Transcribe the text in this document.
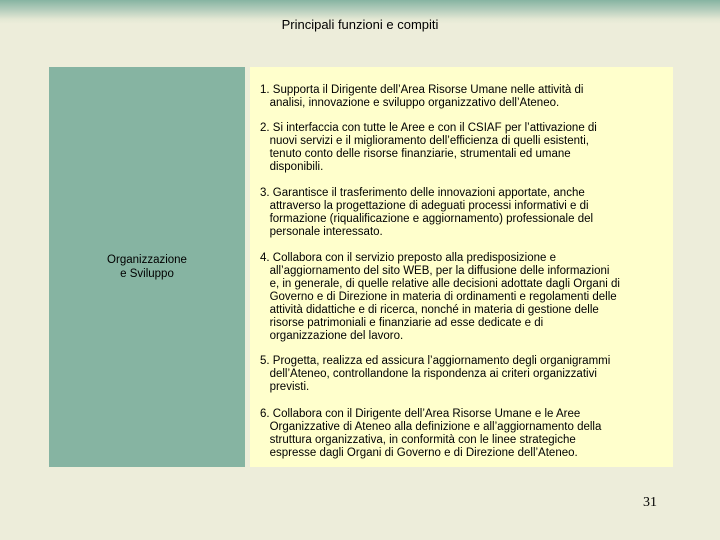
Principali funzioni e compiti
Organizzazione
e Sviluppo
1. Supporta il Dirigente dell’Area Risorse Umane nelle attività di
analisi, innovazione e sviluppo organizzativo dell’Ateneo.
2. Si interfaccia con tutte le Aree e con il CSIAF per l’attivazione di
nuovi servizi e il miglioramento dell’efficienza di quelli esistenti,
tenuto conto delle risorse finanziarie, strumentali ed umane
disponibili.
3. Garantisce il trasferimento delle innovazioni apportate, anche
attraverso la progettazione di adeguati processi informativi e di
formazione (riqualificazione e aggiornamento) professionale del
personale interessato.
4. Collabora con il servizio preposto alla predisposizione e
all’aggiornamento del sito WEB, per la diffusione delle informazioni
e, in generale, di quelle relative alle decisioni adottate dagli Organi di
Governo e di Direzione in materia di ordinamenti e regolamenti delle
attività didattiche e di ricerca, nonché in materia di gestione delle
risorse patrimoniali e finanziarie ad esse dedicate e di
organizzazione del lavoro.
5. Progetta, realizza ed assicura l’aggiornamento degli organigrammi
dell’Ateneo, controllandone la rispondenza ai criteri organizzativi
previsti.
6. Collabora con il Dirigente dell’Area Risorse Umane e le Aree
Organizzative di Ateneo alla definizione e all’aggiornamento della
struttura organizzativa, in conformità con le linee strategiche
espresse dagli Organi di Governo e di Direzione dell’Ateneo.
31
